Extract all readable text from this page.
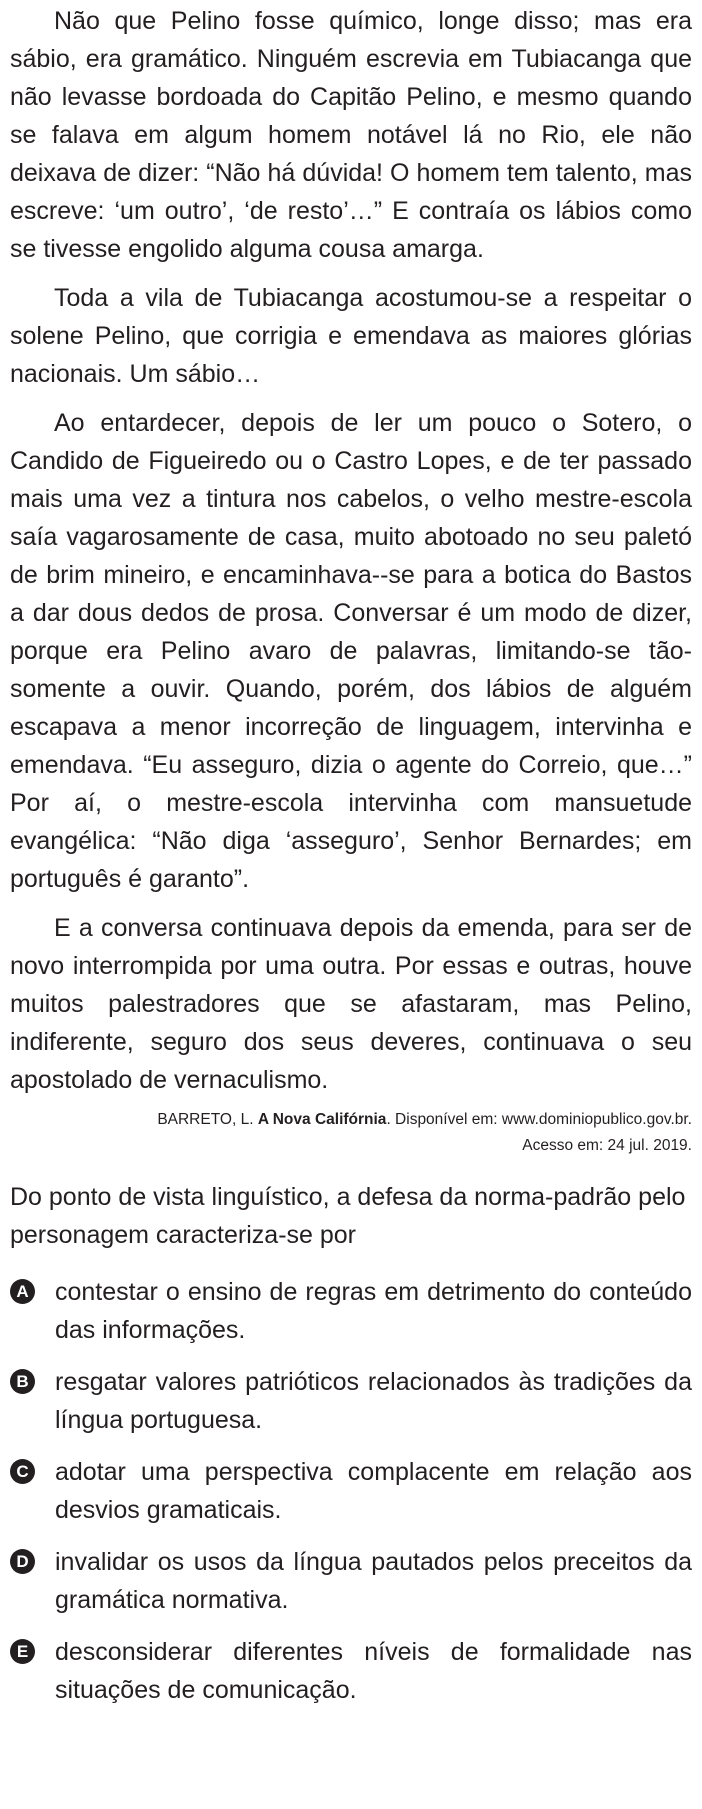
Não que Pelino fosse químico, longe disso; mas era sábio, era gramático. Ninguém escrevia em Tubiacanga que não levasse bordoada do Capitão Pelino, e mesmo quando se falava em algum homem notável lá no Rio, ele não deixava de dizer: “Não há dúvida! O homem tem talento, mas escreve: ‘um outro’, ‘de resto’…” E contraía os lábios como se tivesse engolido alguma cousa amarga.

Toda a vila de Tubiacanga acostumou-se a respeitar o solene Pelino, que corrigia e emendava as maiores glórias nacionais. Um sábio…

Ao entardecer, depois de ler um pouco o Sotero, o Candido de Figueiredo ou o Castro Lopes, e de ter passado mais uma vez a tintura nos cabelos, o velho mestre-escola saía vagarosamente de casa, muito abotoado no seu paletó de brim mineiro, e encaminhava--se para a botica do Bastos a dar dous dedos de prosa. Conversar é um modo de dizer, porque era Pelino avaro de palavras, limitando-se tão-somente a ouvir. Quando, porém, dos lábios de alguém escapava a menor incorreção de linguagem, intervinha e emendava. “Eu asseguro, dizia o agente do Correio, que…” Por aí, o mestre-escola intervinha com mansuetude evangélica: “Não diga ‘asseguro’, Senhor Bernardes; em português é garanto”.

E a conversa continuava depois da emenda, para ser de novo interrompida por uma outra. Por essas e outras, houve muitos palestradores que se afastaram, mas Pelino, indiferente, seguro dos seus deveres, continuava o seu apostolado de vernaculismo.

BARRETO, L. A Nova Califórnia. Disponível em: www.dominiopublico.gov.br.
Acesso em: 24 jul. 2019.
Do ponto de vista linguístico, a defesa da norma-padrão pelo personagem caracteriza-se por
A contestar o ensino de regras em detrimento do conteúdo das informações.
B resgatar valores patrióticos relacionados às tradições da língua portuguesa.
C adotar uma perspectiva complacente em relação aos desvios gramaticais.
D invalidar os usos da língua pautados pelos preceitos da gramática normativa.
E desconsiderar diferentes níveis de formalidade nas situações de comunicação.
